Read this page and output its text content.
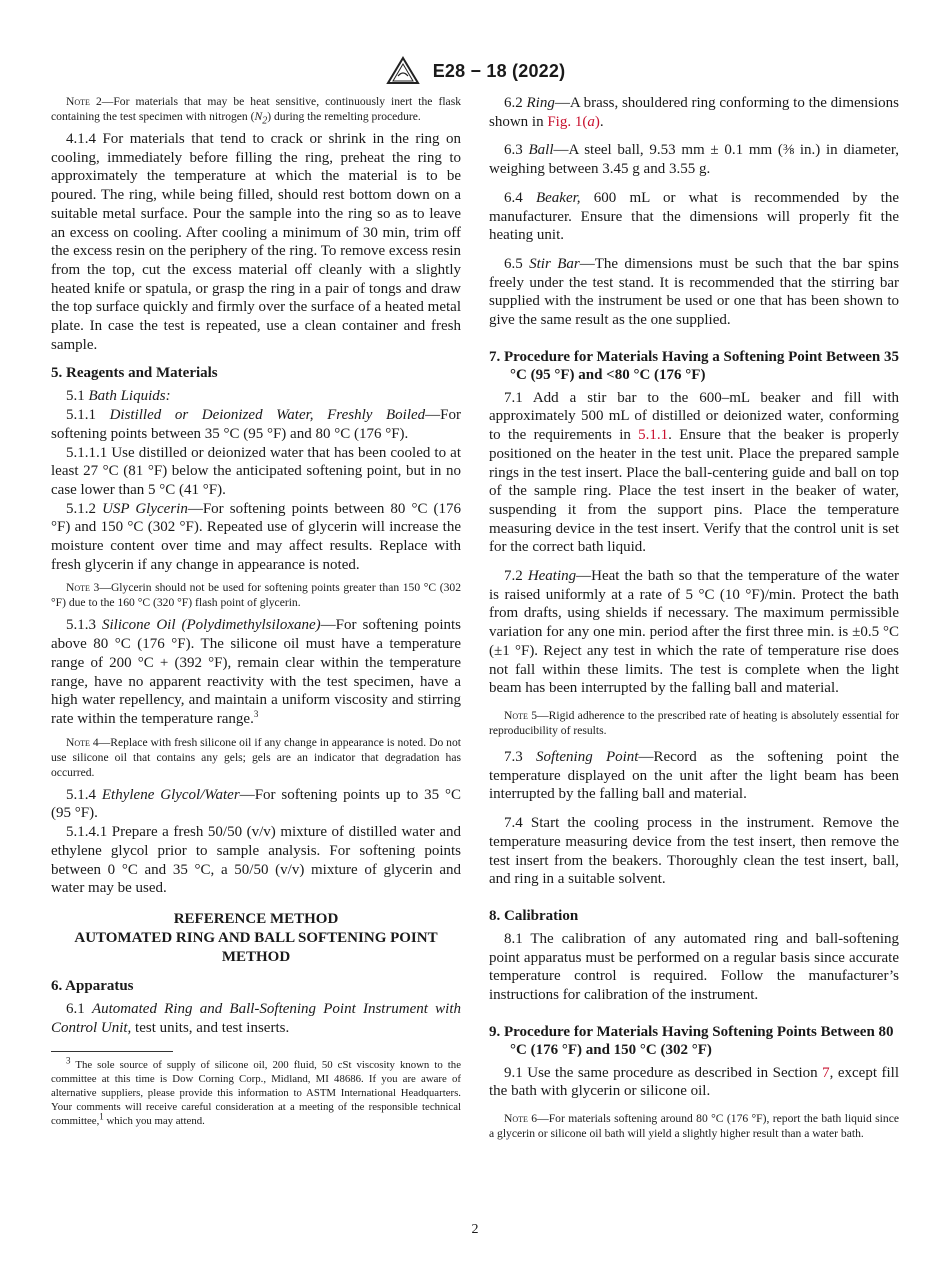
E28 − 18 (2022)

Note 2—For materials that may be heat sensitive, continuously inert the flask containing the test specimen with nitrogen $(N_2)$ during the remelting procedure.

4.1.4 For materials that tend to crack or shrink in the ring on cooling, immediately before filling the ring, preheat the ring to approximately the temperature at which the material is to be poured. The ring, while being filled, should rest bottom down on a suitable metal surface. Pour the sample into the ring so as to leave an excess on cooling. After cooling a minimum of 30 min, trim off the excess resin on the periphery of the ring. To remove excess resin from the top, cut the excess material off cleanly with a slightly heated knife or spatula, or grasp the ring in a pair of tongs and draw the top surface quickly and firmly over the surface of a heated metal plate. In case the test is repeated, use a clean container and fresh sample.

5. Reagents and Materials

5.1 Bath Liquids:

5.1.1 Distilled or Deionized Water, Freshly Boiled—For softening points between 35 °C (95 °F) and 80 °C (176 °F).

5.1.1.1 Use distilled or deionized water that has been cooled to at least 27 °C (81 °F) below the anticipated softening point, but in no case lower than 5 °C (41 °F).

5.1.2 USP Glycerin—For softening points between 80 °C (176 °F) and 150 °C (302 °F). Repeated use of glycerin will increase the moisture content over time and may affect results. Replace with fresh glycerin if any change in appearance is noted.

Note 3—Glycerin should not be used for softening points greater than 150 °C (302 °F) due to the 160 °C (320 °F) flash point of glycerin.

5.1.3 Silicone Oil (Polydimethylsiloxane)—For softening points above 80 °C (176 °F). The silicone oil must have a temperature range of 200 °C + (392 °F), remain clear within the temperature range, have no apparent reactivity with the test specimen, have a high water repellency, and maintain a uniform viscosity and stirring rate within the temperature range.$^3$

Note 4—Replace with fresh silicone oil if any change in appearance is noted. Do not use silicone oil that contains any gels; gels are an indicator that degradation has occurred.

5.1.4 Ethylene Glycol/Water—For softening points up to 35 °C (95 °F).

5.1.4.1 Prepare a fresh 50/50 (v/v) mixture of distilled water and ethylene glycol prior to sample analysis. For softening points between 0 °C and 35 °C, a 50/50 (v/v) mixture of glycerin and water may be used.

REFERENCE METHOD
AUTOMATED RING AND BALL SOFTENING POINT
METHOD
6. Apparatus

6.1 Automated Ring and Ball-Softening Point Instrument with Control Unit, test units, and test inserts.

$^3$ The sole source of supply of silicone oil, 200 fluid, 50 cSt viscosity known to the committee at this time is Dow Corning Corp., Midland, MI 48686. If you are aware of alternative suppliers, please provide this information to ASTM International Headquarters. Your comments will receive careful consideration at a meeting of the responsible technical committee,$^1$ which you may attend.

6.2 Ring—A brass, shouldered ring conforming to the dimensions shown in Fig. 1(a).

6.3 Ball—A steel ball, 9.53 mm ± 0.1 mm (⅜ in.) in diameter, weighing between 3.45 g and 3.55 g.

6.4 Beaker, 600 mL or what is recommended by the manufacturer. Ensure that the dimensions will properly fit the heating unit.

6.5 Stir Bar—The dimensions must be such that the bar spins freely under the test stand. It is recommended that the stirring bar supplied with the instrument be used or one that has been shown to give the same result as the one supplied.

7. Procedure for Materials Having a Softening Point Between 35 °C (95 °F) and <80 °C (176 °F)

7.1 Add a stir bar to the 600–mL beaker and fill with approximately 500 mL of distilled or deionized water, conforming to the requirements in 5.1.1. Ensure that the beaker is properly positioned on the heater in the test unit. Place the prepared sample rings in the test insert. Place the ball-centering guide and ball on top of the sample ring. Place the test insert in the beaker of water, suspending it from the support pins. Place the temperature measuring device in the test insert. Verify that the control unit is set for the correct bath liquid.

7.2 Heating—Heat the bath so that the temperature of the water is raised uniformly at a rate of 5 °C (10 °F)/min. Protect the bath from drafts, using shields if necessary. The maximum permissible variation for any one min. period after the first three min. is ±0.5 °C (±1 °F). Reject any test in which the rate of temperature rise does not fall within these limits. The test is complete when the light beam has been interrupted by the falling ball and material.

Note 5—Rigid adherence to the prescribed rate of heating is absolutely essential for reproducibility of results.

7.3 Softening Point—Record as the softening point the temperature displayed on the unit after the light beam has been interrupted by the falling ball and material.

7.4 Start the cooling process in the instrument. Remove the temperature measuring device from the test insert, then remove the test insert from the beakers. Thoroughly clean the test insert, ball, and ring in a suitable solvent.

8. Calibration

8.1 The calibration of any automated ring and ball-softening point apparatus must be performed on a regular basis since accurate temperature control is required. Follow the manufacturer’s instructions for calibration of the instrument.

9. Procedure for Materials Having Softening Points Between 80 °C (176 °F) and 150 °C (302 °F)

9.1 Use the same procedure as described in Section 7, except fill the bath with glycerin or silicone oil.

Note 6—For materials softening around 80 °C (176 °F), report the bath liquid since a glycerin or silicone oil bath will yield a slightly higher result than a water bath.

2
